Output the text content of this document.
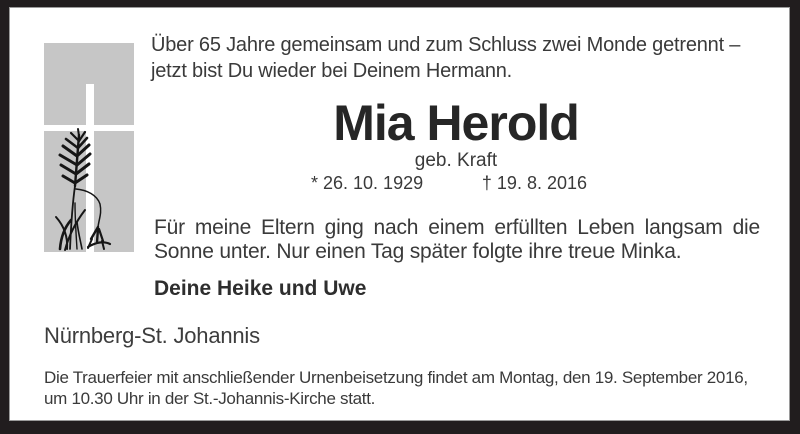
Über 65 Jahre gemeinsam und zum Schluss zwei Monde getrennt –
jetzt bist Du wieder bei Deinem Hermann.
Mia Herold
geb. Kraft
* 26. 10. 1929	† 19. 8. 2016
Für meine Eltern ging nach einem erfüllten Leben langsam die
Sonne unter. Nur einen Tag später folgte ihre treue Minka.
Deine Heike und Uwe
Nürnberg-St. Johannis
Die Trauerfeier mit anschließender Urnenbeisetzung findet am Montag, den 19. September 2016,
um 10.30 Uhr in der St.-Johannis-Kirche statt.
